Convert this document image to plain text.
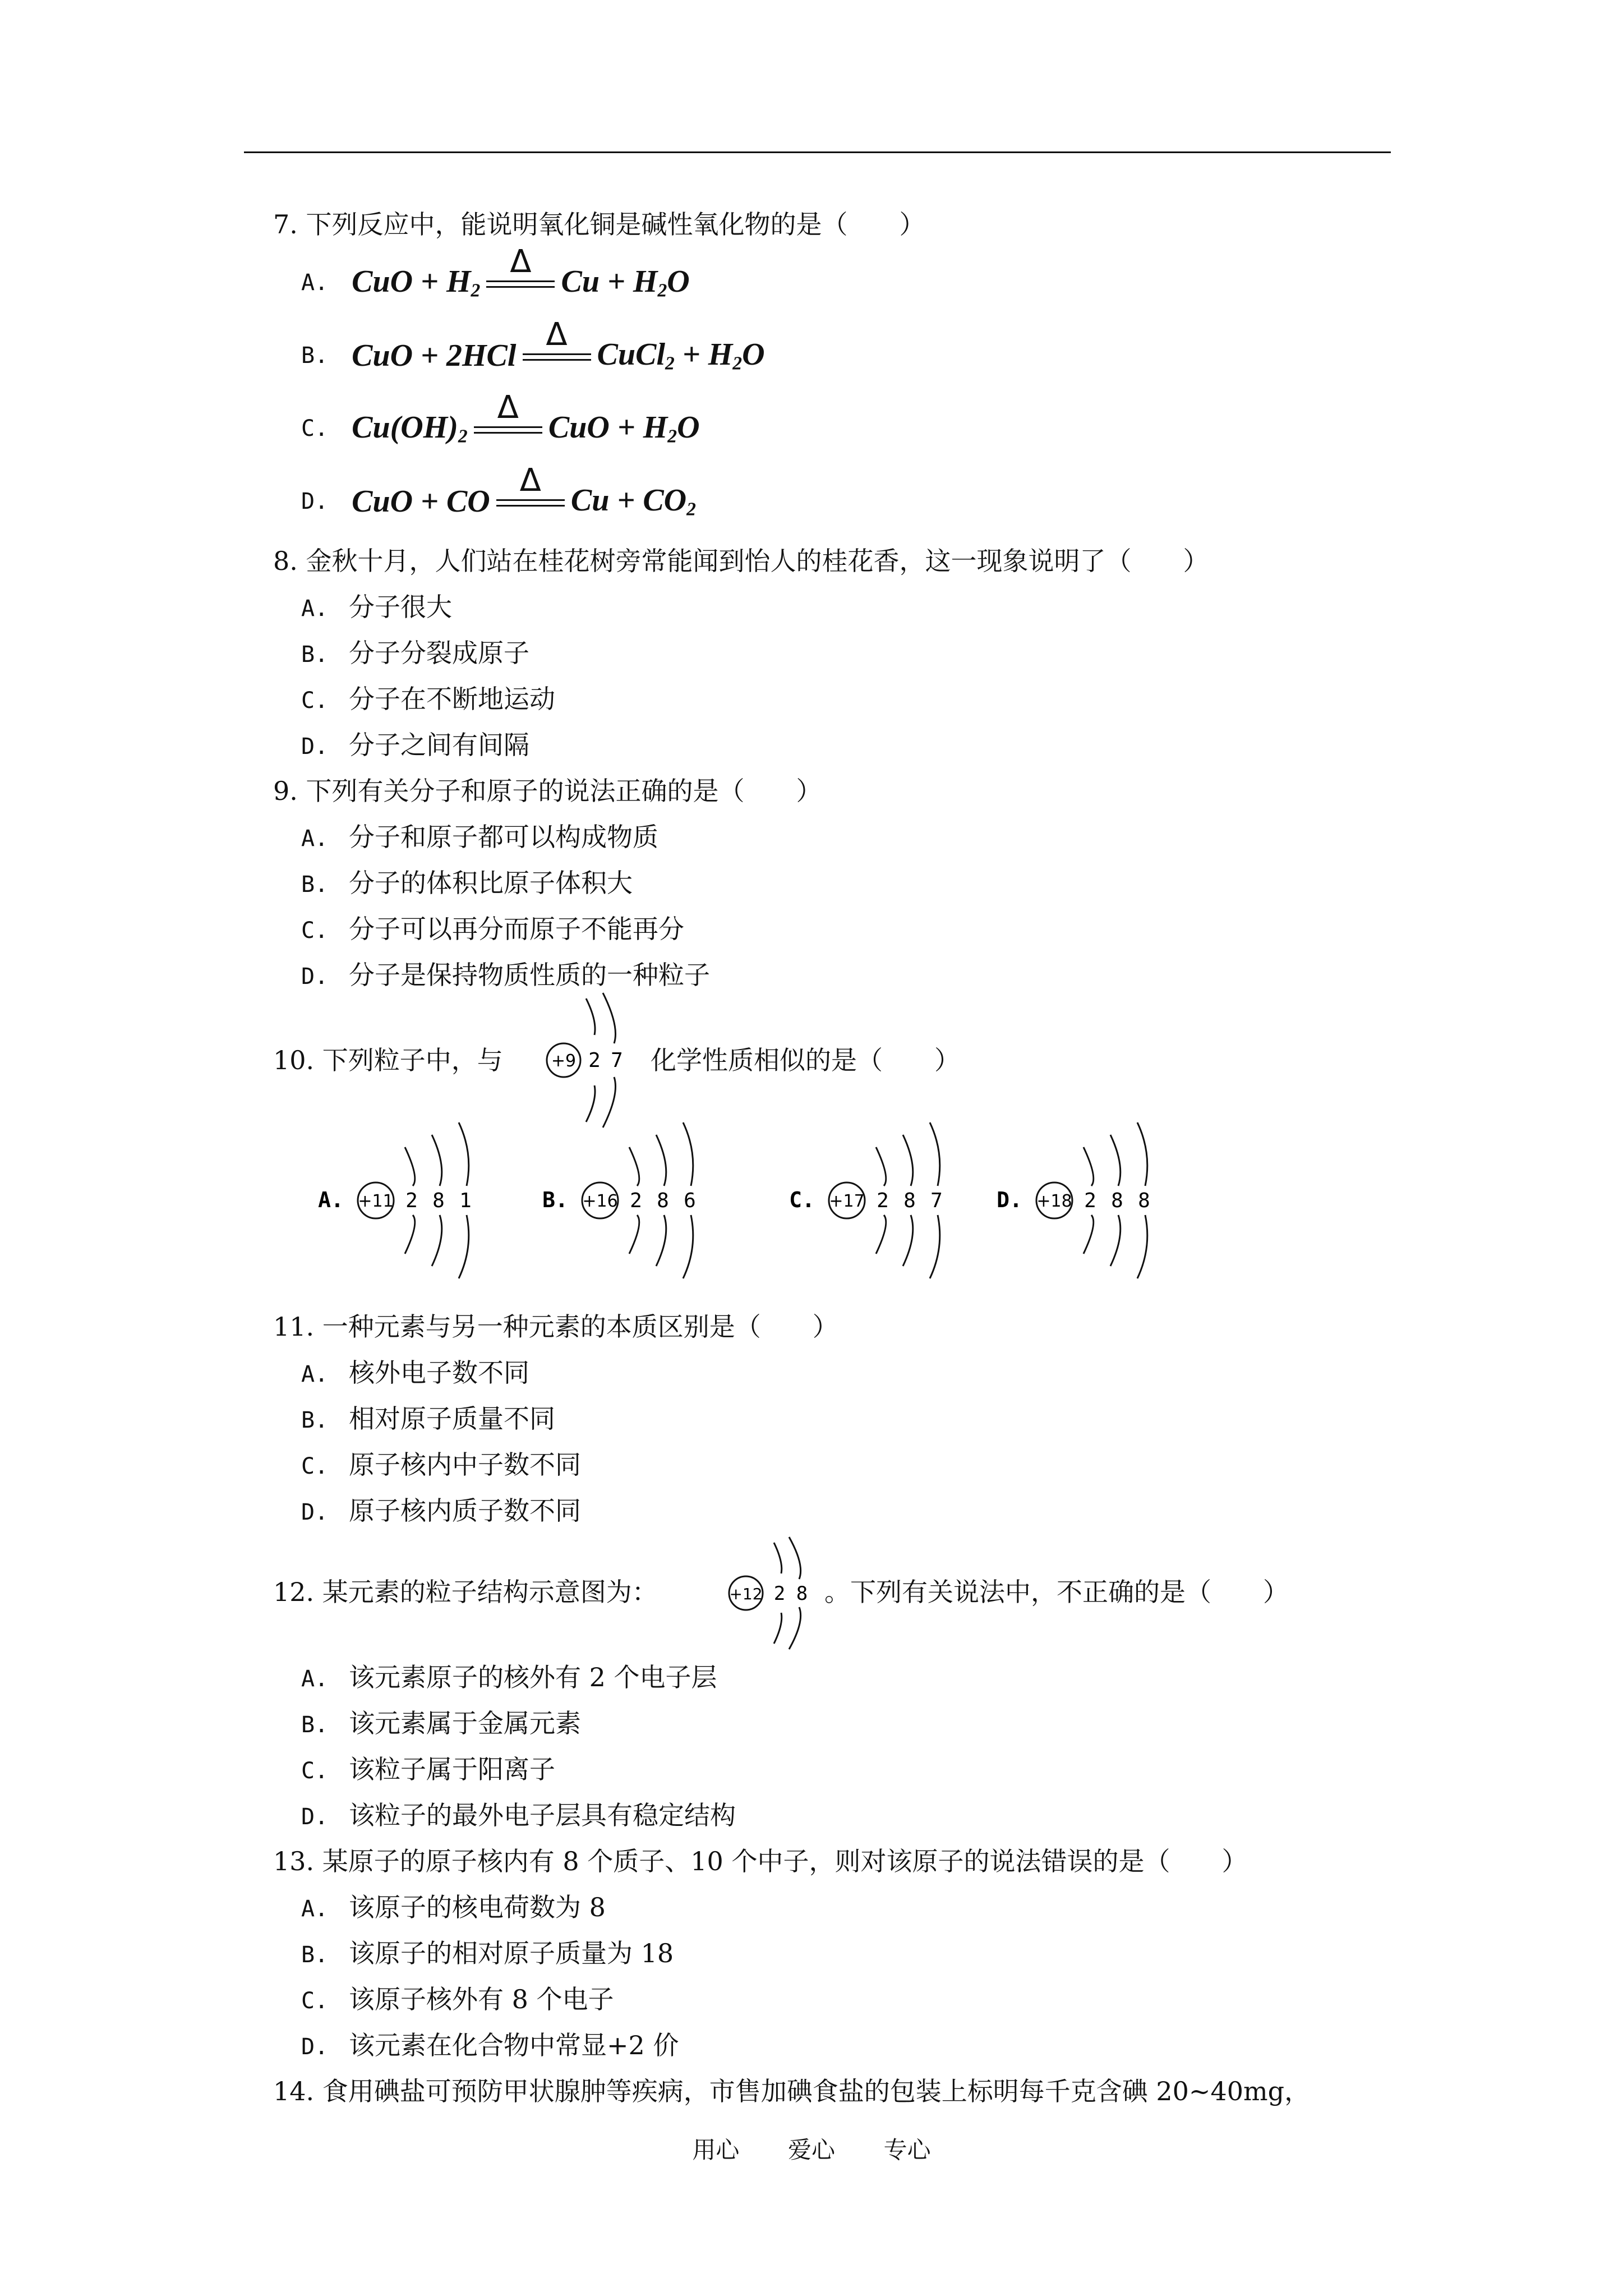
7. 下列反应中，能说明氧化铜是碱性氧化物的是（　　）
A. CuO + $H_2$
Δ
$Cu + H_2O$
B. CuO + 2HCl
Δ
CuCl$_2$ + $H_2O$
C. $Cu(OH)_2$
Δ
CuO + $H_2O$
D. CuO + CO
Δ
$Cu + CO_2$
8. 金秋十月，人们站在桂花树旁常能闻到怡人的桂花香，这一现象说明了（　　）
A. 分子很大
B. 分子分裂成原子
C. 分子在不断地运动
D. 分子之间有间隔
9. 下列有关分子和原子的说法正确的是（　　）
A. 分子和原子都可以构成物质
B. 分子的体积比原子体积大
C. 分子可以再分而原子不能再分
D. 分子是保持物质性质的一种粒子
10. 下列粒子中，与	+9 2 7 化学性质相似的是（　　）
A. +11 2 8 1	B. +16 2 8 6	C. +17 2 8 7	D. +18 2 8 8
11. 一种元素与另一种元素的本质区别是（　　）
A. 核外电子数不同
B. 相对原子质量不同
C. 原子核内中子数不同
D. 原子核内质子数不同
12. 某元素的粒子结构示意图为：	+12 2 8 。下列有关说法中，不正确的是（　　）
A. 该元素原子的核外有 2 个电子层
B. 该元素属于金属元素
C. 该粒子属于阳离子
D. 该粒子的最外电子层具有稳定结构
13. 某原子的原子核内有 8 个质子、10 个中子，则对该原子的说法错误的是（　　）
A. 该原子的核电荷数为 8
B. 该原子的相对原子质量为 18
C. 该原子核外有 8 个电子
D. 该元素在化合物中常显+2 价
14. 食用碘盐可预防甲状腺肿等疾病，市售加碘食盐的包装上标明每千克含碘 20~40mg，
用心 爱心 专心
